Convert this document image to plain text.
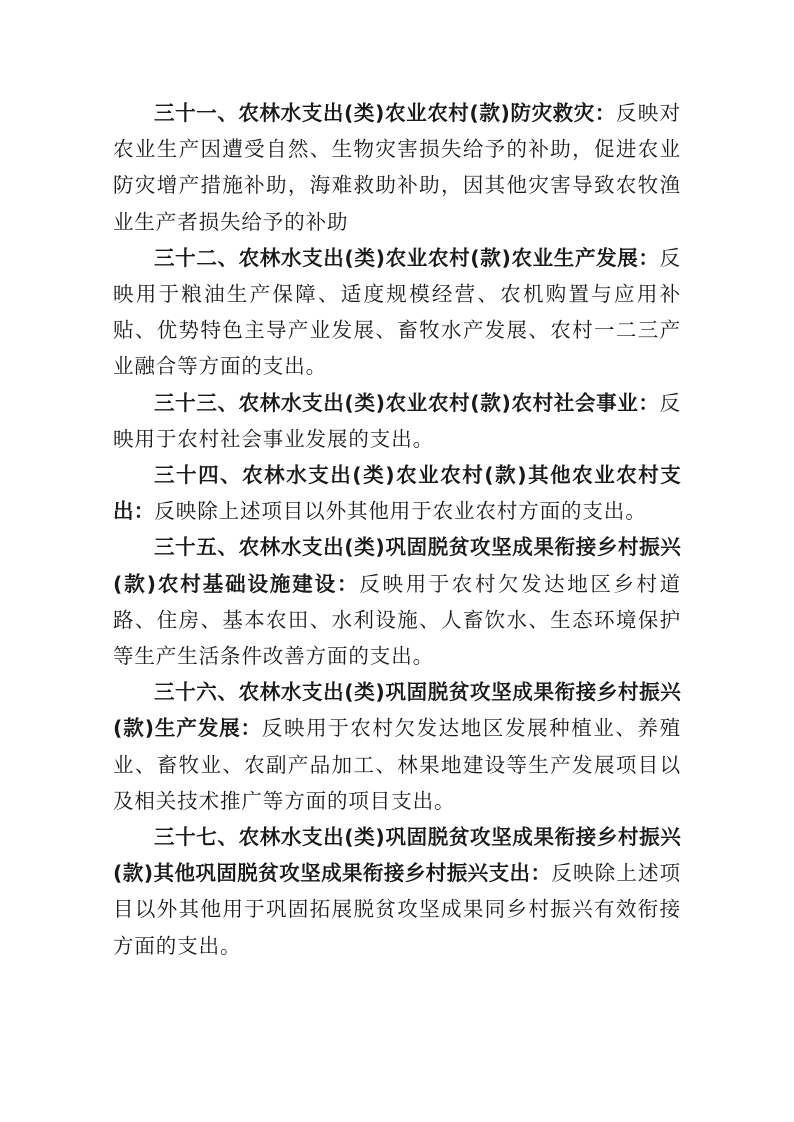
三十一、农林水支出(类)农业农村(款)防灾救灾：反映对农业生产因遭受自然、生物灾害损失给予的补助，促进农业防灾增产措施补助，海难救助补助，因其他灾害导致农牧渔业生产者损失给予的补助

三十二、农林水支出(类)农业农村(款)农业生产发展：反映用于粮油生产保障、适度规模经营、农机购置与应用补贴、优势特色主导产业发展、畜牧水产发展、农村一二三产业融合等方面的支出。

三十三、农林水支出(类)农业农村(款)农村社会事业：反映用于农村社会事业发展的支出。

三十四、农林水支出(类)农业农村(款)其他农业农村支出：反映除上述项目以外其他用于农业农村方面的支出。

三十五、农林水支出(类)巩固脱贫攻坚成果衔接乡村振兴(款)农村基础设施建设：反映用于农村欠发达地区乡村道路、住房、基本农田、水利设施、人畜饮水、生态环境保护等生产生活条件改善方面的支出。

三十六、农林水支出(类)巩固脱贫攻坚成果衔接乡村振兴(款)生产发展：反映用于农村欠发达地区发展种植业、养殖业、畜牧业、农副产品加工、林果地建设等生产发展项目以及相关技术推广等方面的项目支出。

三十七、农林水支出(类)巩固脱贫攻坚成果衔接乡村振兴(款)其他巩固脱贫攻坚成果衔接乡村振兴支出：反映除上述项目以外其他用于巩固拓展脱贫攻坚成果同乡村振兴有效衔接方面的支出。
